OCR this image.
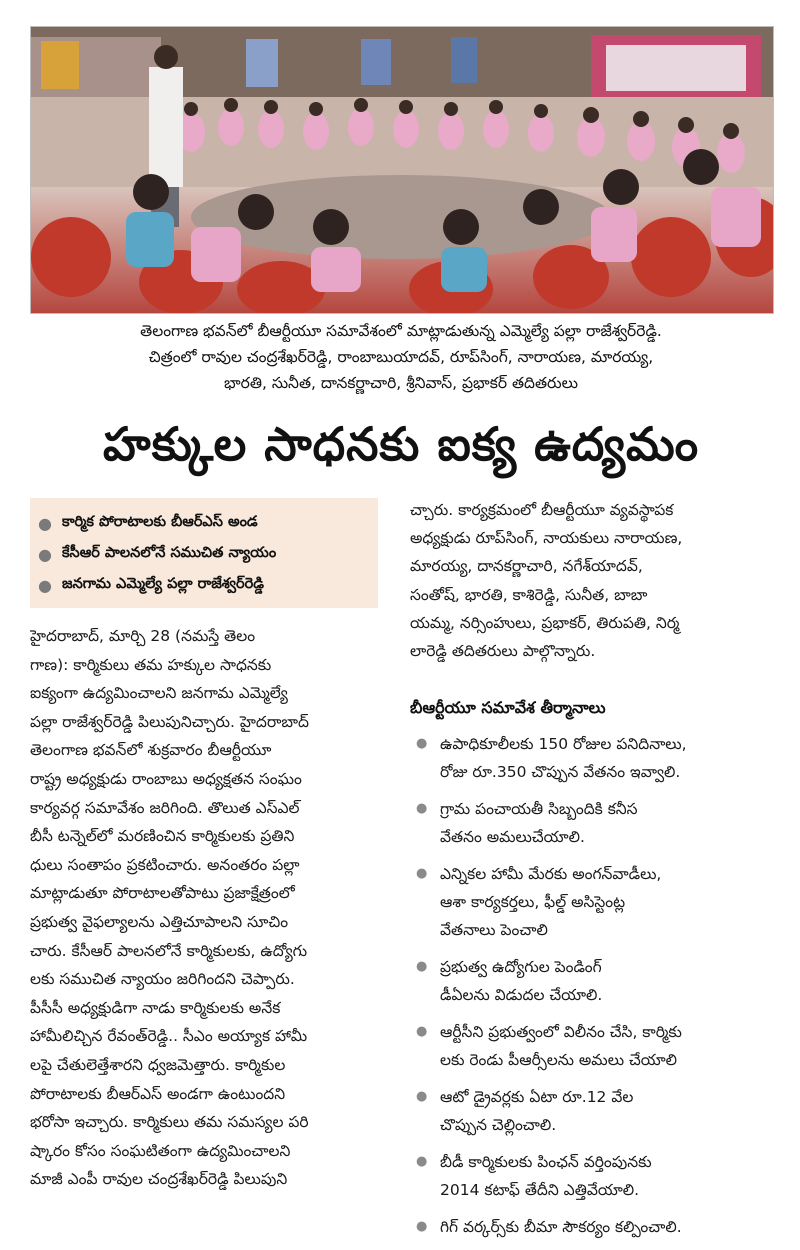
తెలంగాణ భవన్‌లో బీఆర్టీయూ సమావేశంలో మాట్లాడుతున్న ఎమ్మెల్యే పల్లా రాజేశ్వర్‌రెడ్డి.
చిత్రంలో రావుల చంద్రశేఖర్‌రెడ్డి, రాంబాబుయాదవ్, రూప్‌సింగ్, నారాయణ, మారయ్య,
భారతి, సునీత, దానకర్ణాచారి, శ్రీనివాస్, ప్రభాకర్ తదితరులు
హక్కుల సాధనకు ఐక్య ఉద్యమం
● కార్మిక పోరాటాలకు బీఆర్‌ఎస్ అండ
● కేసీఆర్ పాలనలోనే సముచిత న్యాయం
● జనగామ ఎమ్మెల్యే పల్లా రాజేశ్వర్‌రెడ్డి
హైదరాబాద్, మార్చి 28 (నమస్తే తెలం
గాణ): కార్మికులు తమ హక్కుల సాధనకు
ఐక్యంగా ఉద్యమించాలని జనగామ ఎమ్మెల్యే
పల్లా రాజేశ్వర్‌రెడ్డి పిలుపునిచ్చారు. హైదరాబాద్
తెలంగాణ భవన్‌లో శుక్రవారం బీఆర్టీయూ
రాష్ట్ర అధ్యక్షుడు రాంబాబు అధ్యక్షతన సంఘం
కార్యవర్గ సమావేశం జరిగింది. తొలుత ఎస్‌ఎల్
బీసీ టన్నెల్‌లో మరణించిన కార్మికులకు ప్రతిని
ధులు సంతాపం ప్రకటించారు. అనంతరం పల్లా
మాట్లాడుతూ పోరాటాలతోపాటు ప్రజాక్షేత్రంలో
ప్రభుత్వ వైఫల్యాలను ఎత్తిచూపాలని సూచిం
చారు. కేసీఆర్ పాలనలోనే కార్మికులకు, ఉద్యోగు
లకు సముచిత న్యాయం జరిగిందని చెప్పారు.
పీసీసీ అధ్యక్షుడిగా నాడు కార్మికులకు అనేక
హామీలిచ్చిన రేవంత్‌రెడ్డి.. సీఎం అయ్యాక హామీ
లపై చేతులెత్తేశారని ధ్వజమెత్తారు. కార్మికుల
పోరాటాలకు బీఆర్‌ఎస్ అండగా ఉంటుందని
భరోసా ఇచ్చారు. కార్మికులు తమ సమస్యల పరి
ష్కారం కోసం సంఘటితంగా ఉద్యమించాలని
మాజీ ఎంపీ రావుల చంద్రశేఖర్‌రెడ్డి పిలుపుని
చ్చారు. కార్యక్రమంలో బీఆర్టీయూ వ్యవస్థాపక
అధ్యక్షుడు రూప్‌సింగ్, నాయకులు నారాయణ,
మారయ్య, దానకర్ణాచారి, నగేశ్‌యాదవ్,
సంతోష్, భారతి, కాశిరెడ్డి, సునీత, బాబా
యమ్మ, నర్సింహులు, ప్రభాకర్, తిరుపతి, నిర్మ
లారెడ్డి తదితరులు పాల్గొన్నారు.
బీఆర్టీయూ సమావేశ తీర్మానాలు
● ఉపాధికూలీలకు 150 రోజుల పనిదినాలు,
రోజు రూ.350 చొప్పున వేతనం ఇవ్వాలి.
● గ్రామ పంచాయతీ సిబ్బందికి కనీస
వేతనం అమలుచేయాలి.
● ఎన్నికల హామీ మేరకు అంగన్‌వాడీలు,
ఆశా కార్యకర్తలు, ఫీల్డ్ అసిస్టెంట్ల
వేతనాలు పెంచాలి
● ప్రభుత్వ ఉద్యోగుల పెండింగ్
డీఏలను విడుదల చేయాలి.
● ఆర్టీసీని ప్రభుత్వంలో విలీనం చేసి, కార్మికు
లకు రెండు పీఆర్సీలను అమలు చేయాలి
● ఆటో డ్రైవర్లకు ఏటా రూ.12 వేల
చొప్పున చెల్లించాలి.
● బీడీ కార్మికులకు పింఛన్ వర్తింపునకు
2014 కటాఫ్ తేదీని ఎత్తివేయాలి.
● గిగ్ వర్కర్స్‌కు బీమా సౌకర్యం కల్పించాలి.
